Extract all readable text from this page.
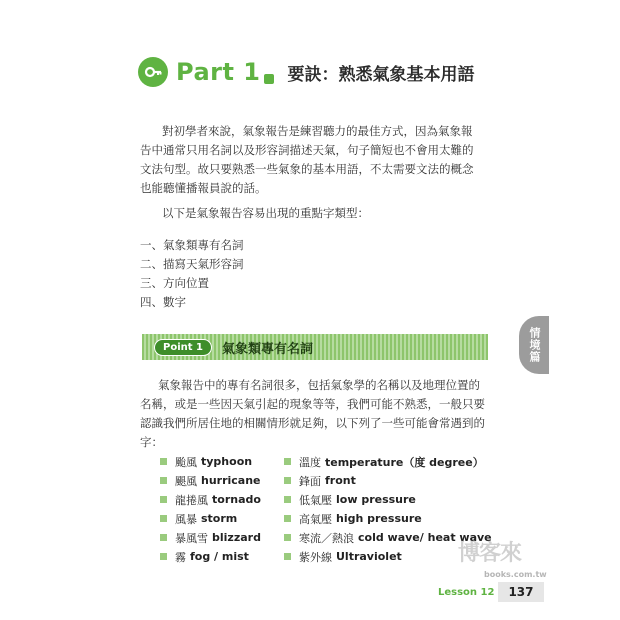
Part 1 要訣：熟悉氣象基本用語
對初學者來說，氣象報告是練習聽力的最佳方式，因為氣象報告中通常只用名詞以及形容詞描述天氣，句子簡短也不會用太難的文法句型。故只要熟悉一些氣象的基本用語，不太需要文法的概念也能聽懂播報員說的話。
以下是氣象報告容易出現的重點字類型：
一、氣象類專有名詞
二、描寫天氣形容詞
三、方向位置
四、數字
Point 1	氣象類專有名詞
氣象報告中的專有名詞很多，包括氣象學的名稱以及地理位置的名稱，或是一些因天氣引起的現象等等，我們可能不熟悉，一般只要認識我們所居住地的相關情形就足夠，以下列了一些可能會常遇到的字：
颱風 typhoon
颶風 hurricane
龍捲風 tornado
風暴 storm
暴風雪 blizzard
霧 fog / mist
溫度 temperature（度 degree）
鋒面 front
低氣壓 low pressure
高氣壓 high pressure
寒流／熱浪 cold wave/ heat wave
紫外線 Ultraviolet
情境篇
博客來
books.com.tw
Lesson 12	137
